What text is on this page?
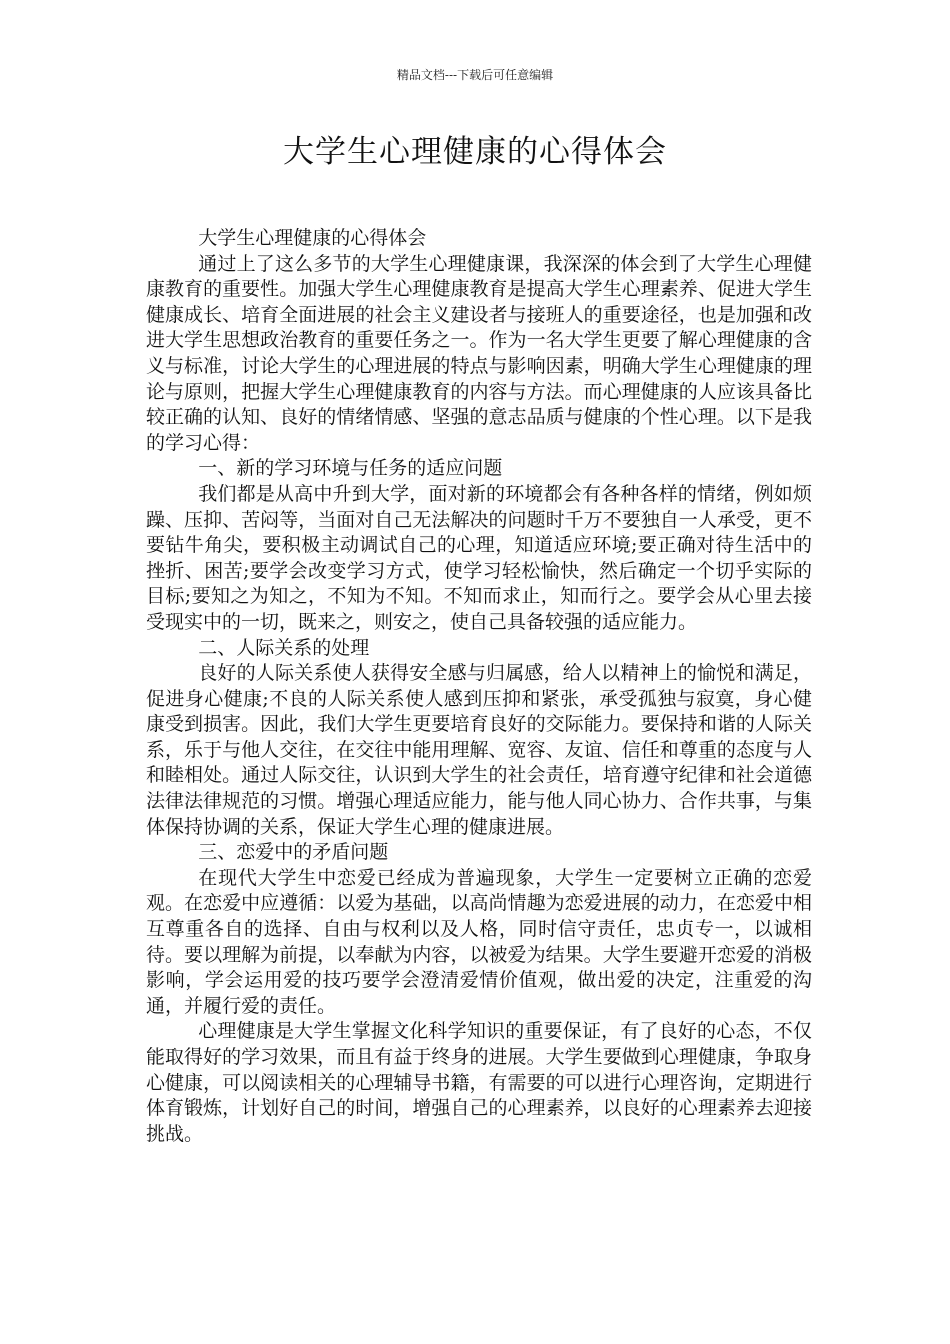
精品文档---下载后可任意编辑
大学生心理健康的心得体会

大学生心理健康的心得体会

通过上了这么多节的大学生心理健康课，我深深的体会到了大学生心理健康教育的重要性。加强大学生心理健康教育是提高大学生心理素养、促进大学生健康成长、培育全面进展的社会主义建设者与接班人的重要途径，也是加强和改进大学生思想政治教育的重要任务之一。作为一名大学生更要了解心理健康的含义与标准，讨论大学生的心理进展的特点与影响因素，明确大学生心理健康的理论与原则，把握大学生心理健康教育的内容与方法。而心理健康的人应该具备比较正确的认知、良好的情绪情感、坚强的意志品质与健康的个性心理。以下是我的学习心得：

一、新的学习环境与任务的适应问题

我们都是从高中升到大学，面对新的环境都会有各种各样的情绪，例如烦躁、压抑、苦闷等，当面对自己无法解决的问题时千万不要独自一人承受，更不要钻牛角尖，要积极主动调试自己的心理，知道适应环境;要正确对待生活中的挫折、困苦;要学会改变学习方式，使学习轻松愉快，然后确定一个切乎实际的目标;要知之为知之，不知为不知。不知而求止，知而行之。要学会从心里去接受现实中的一切，既来之，则安之，使自己具备较强的适应能力。

二、人际关系的处理

良好的人际关系使人获得安全感与归属感，给人以精神上的愉悦和满足，促进身心健康;不良的人际关系使人感到压抑和紧张，承受孤独与寂寞，身心健康受到损害。因此，我们大学生更要培育良好的交际能力。要保持和谐的人际关系，乐于与他人交往，在交往中能用理解、宽容、友谊、信任和尊重的态度与人和睦相处。通过人际交往，认识到大学生的社会责任，培育遵守纪律和社会道德法律法律规范的习惯。增强心理适应能力，能与他人同心协力、合作共事，与集体保持协调的关系，保证大学生心理的健康进展。

三、恋爱中的矛盾问题

在现代大学生中恋爱已经成为普遍现象，大学生一定要树立正确的恋爱观。在恋爱中应遵循：以爱为基础，以高尚情趣为恋爱进展的动力，在恋爱中相互尊重各自的选择、自由与权利以及人格，同时信守责任，忠贞专一，以诚相待。要以理解为前提，以奉献为内容，以被爱为结果。大学生要避开恋爱的消极影响，学会运用爱的技巧要学会澄清爱情价值观，做出爱的决定，注重爱的沟通，并履行爱的责任。

心理健康是大学生掌握文化科学知识的重要保证，有了良好的心态，不仅能取得好的学习效果，而且有益于终身的进展。大学生要做到心理健康，争取身心健康，可以阅读相关的心理辅导书籍，有需要的可以进行心理咨询，定期进行体育锻炼，计划好自己的时间，增强自己的心理素养，以良好的心理素养去迎接挑战。
